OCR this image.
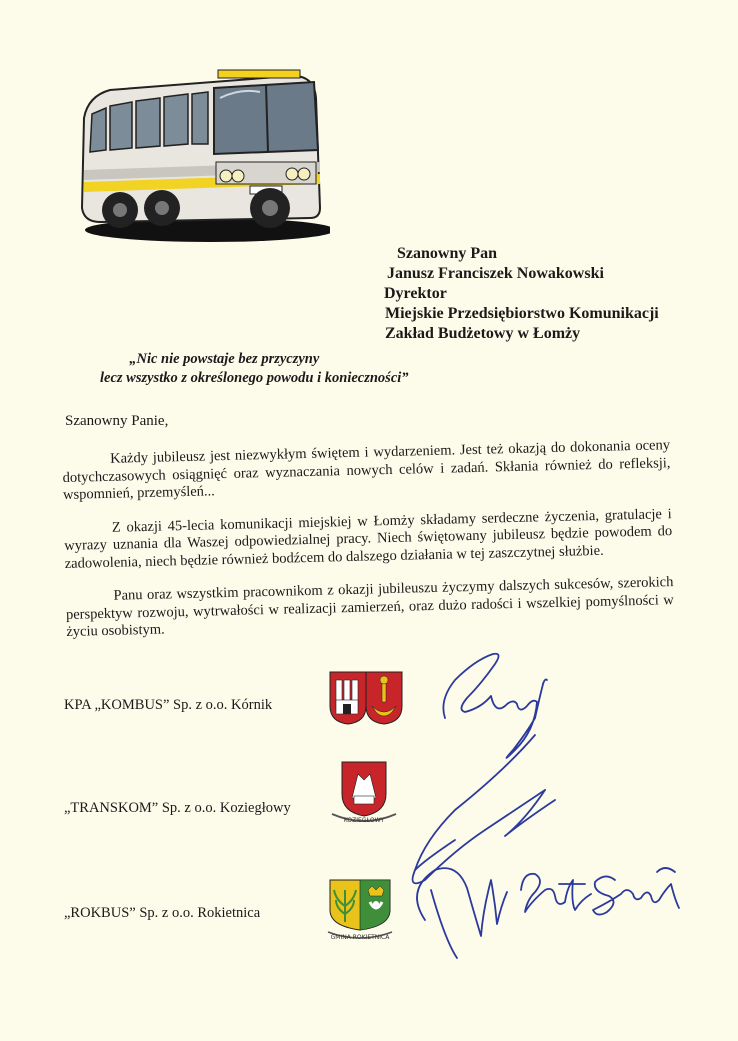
Szanowny Pan
Janusz Franciszek Nowakowski
Dyrektor
Miejskie Przedsiębiorstwo Komunikacji
Zakład Budżetowy w Łomży
„Nic nie powstaje bez przyczyny
lecz wszystko z określonego powodu i konieczności”
Szanowny Panie,

Każdy jubileusz jest niezwykłym świętem i wydarzeniem. Jest też okazją do dokonania oceny dotychczasowych osiągnięć oraz wyznaczania nowych celów i zadań. Skłania również do refleksji, wspomnień, przemyśleń...

Z okazji 45-lecia komunikacji miejskiej w Łomży składamy serdeczne życzenia, gratulacje i wyrazy uznania dla Waszej odpowiedzialnej pracy. Niech świętowany jubileusz będzie powodem do zadowolenia, niech będzie również bodźcem do dalszego działania w tej zaszczytnej służbie.

Panu oraz wszystkim pracownikom z okazji jubileuszu życzymy dalszych sukcesów, szerokich perspektyw rozwoju, wytrwałości w realizacji zamierzeń, oraz dużo radości i wszelkiej pomyślności w życiu osobistym.

KPA „KOMBUS” Sp. z o.o. Kórnik
„TRANSKOM” Sp. z o.o. Koziegłowy
„ROKBUS” Sp. z o.o. Rokietnica
KOZIEGŁOWY
GMINA ROKIETNICA
